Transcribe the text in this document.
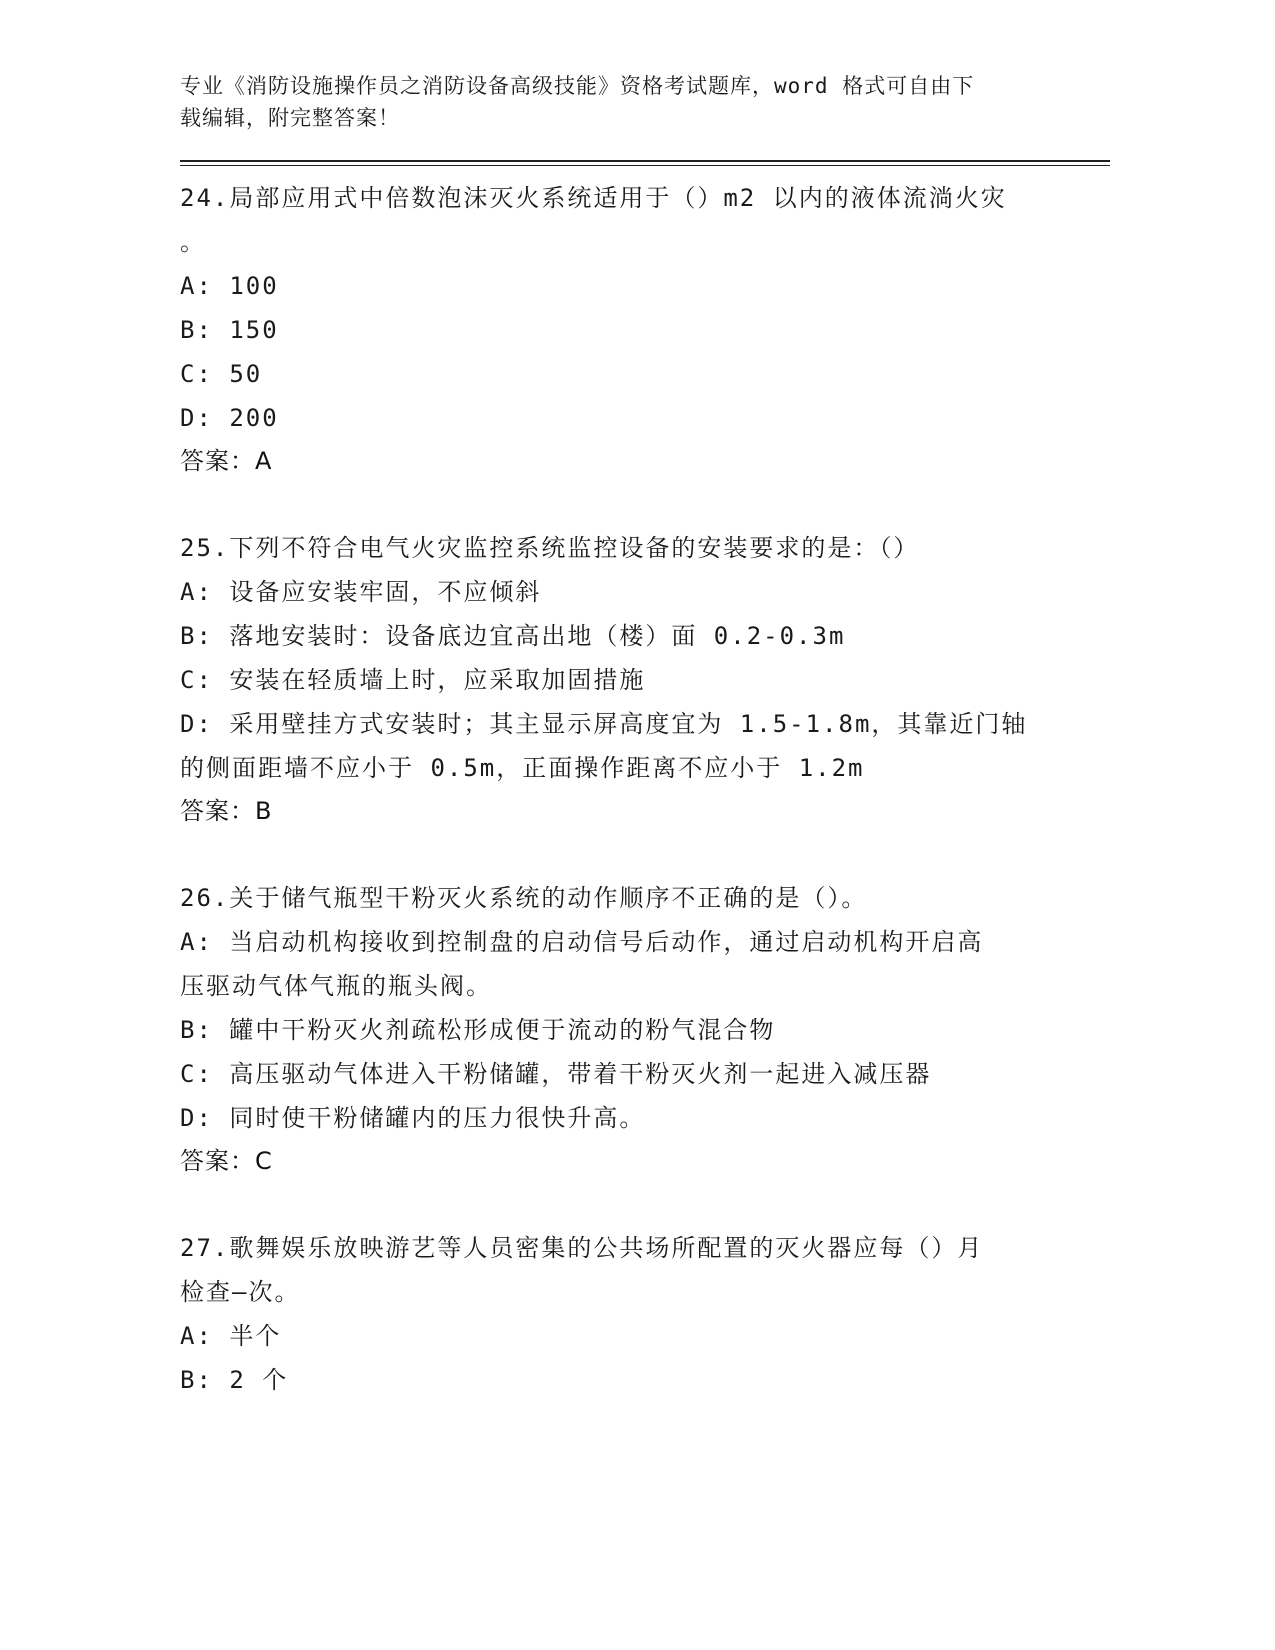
专业《消防设施操作员之消防设备高级技能》资格考试题库，word 格式可自由下
载编辑，附完整答案！
24.局部应用式中倍数泡沫灭火系统适用于（）m2 以内的液体流淌火灾
。
A: 100
B: 150
C: 50
D: 200
答案：A
25.下列不符合电气火灾监控系统监控设备的安装要求的是：（）
A: 设备应安装牢固，不应倾斜
B: 落地安装时：设备底边宜高出地（楼）面 0.2-0.3m
C: 安装在轻质墙上时，应采取加固措施
D: 采用壁挂方式安装时；其主显示屏高度宜为 1.5-1.8m，其靠近门轴
的侧面距墙不应小于 0.5m，正面操作距离不应小于 1.2m
答案：B
26.关于储气瓶型干粉灭火系统的动作顺序不正确的是（）。
A: 当启动机构接收到控制盘的启动信号后动作，通过启动机构开启高
压驱动气体气瓶的瓶头阀。
B: 罐中干粉灭火剂疏松形成便于流动的粉气混合物
C: 高压驱动气体进入干粉储罐，带着干粉灭火剂一起进入减压器
D: 同时使干粉储罐内的压力很快升高。
答案：C
27.歌舞娱乐放映游艺等人员密集的公共场所配置的灭火器应每（）月
检查—次。
A: 半个
B: 2 个
